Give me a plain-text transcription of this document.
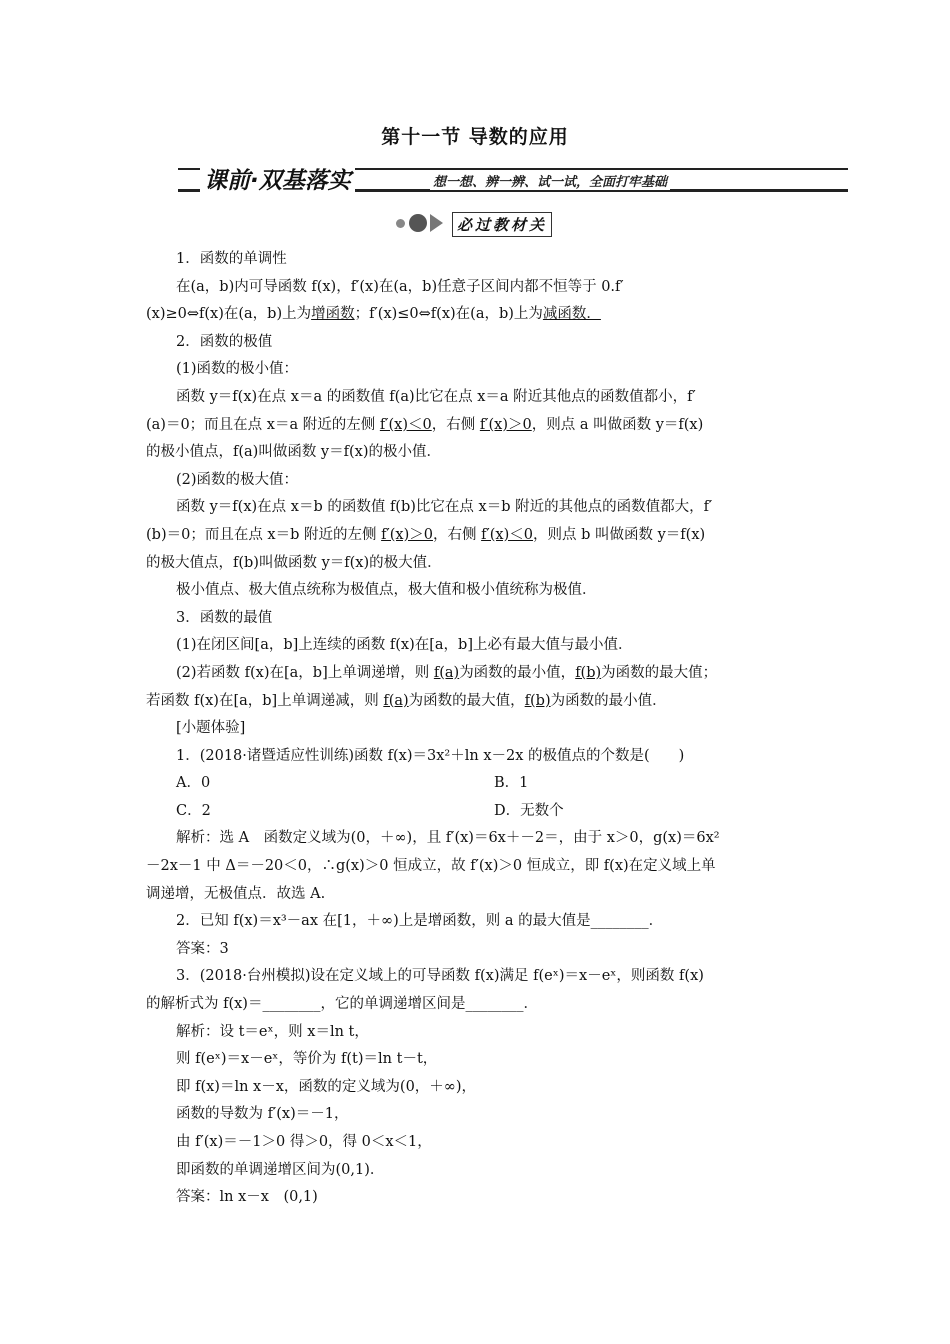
第十一节 导数的应用
课前·双基落实	想一想、辨一辨、试一试，全面打牢基础
必过教材关

1．函数的单调性

在(a，b)内可导函数 f(x)，f′(x)在(a，b)任意子区间内都不恒等于 0.f′

(x)≥0⇔f(x)在(a，b)上为增函数；f′(x)≤0⇔f(x)在(a，b)上为减函数．

2．函数的极值

(1)函数的极小值：

函数 y＝f(x)在点 x＝a 的函数值 f(a)比它在点 x＝a 附近其他点的函数值都小，f′

(a)＝0；而且在点 x＝a 附近的左侧 f′(x)＜0，右侧 f′(x)＞0，则点 a 叫做函数 y＝f(x)

的极小值点，f(a)叫做函数 y＝f(x)的极小值．

(2)函数的极大值：

函数 y＝f(x)在点 x＝b 的函数值 f(b)比它在点 x＝b 附近的其他点的函数值都大，f′

(b)＝0；而且在点 x＝b 附近的左侧 f′(x)＞0，右侧 f′(x)＜0，则点 b 叫做函数 y＝f(x)

的极大值点，f(b)叫做函数 y＝f(x)的极大值．

极小值点、极大值点统称为极值点，极大值和极小值统称为极值．

3．函数的最值

(1)在闭区间[a，b]上连续的函数 f(x)在[a，b]上必有最大值与最小值．

(2)若函数 f(x)在[a，b]上单调递增，则 f(a)为函数的最小值，f(b)为函数的最大值；

若函数 f(x)在[a，b]上单调递减，则 f(a)为函数的最大值，f(b)为函数的最小值．

[小题体验]

1．(2018·诸暨适应性训练)函数 f(x)＝3x²＋ln x－2x 的极值点的个数是(　　)

A．0	B．1

C．2	D．无数个

解析：选 A　函数定义域为(0，＋∞)，且 f′(x)＝6x＋－2＝，由于 x＞0，g(x)＝6x²

－2x－1 中 Δ＝－20＜0，∴g(x)＞0 恒成立，故 f′(x)＞0 恒成立，即 f(x)在定义域上单

调递增，无极值点．故选 A.

2．已知 f(x)＝x³－ax 在[1，＋∞)上是增函数，则 a 的最大值是________．

答案：3

3．(2018·台州模拟)设在定义域上的可导函数 f(x)满足 f(eˣ)＝x－eˣ，则函数 f(x)

的解析式为 f(x)＝________，它的单调递增区间是________．

解析：设 t＝eˣ，则 x＝ln t，

则 f(eˣ)＝x－eˣ，等价为 f(t)＝ln t－t，

即 f(x)＝ln x－x，函数的定义域为(0，＋∞)，

函数的导数为 f′(x)＝－1，

由 f′(x)＝－1＞0 得＞0，得 0＜x＜1，

即函数的单调递增区间为(0,1)．

答案：ln x－x　(0,1)
